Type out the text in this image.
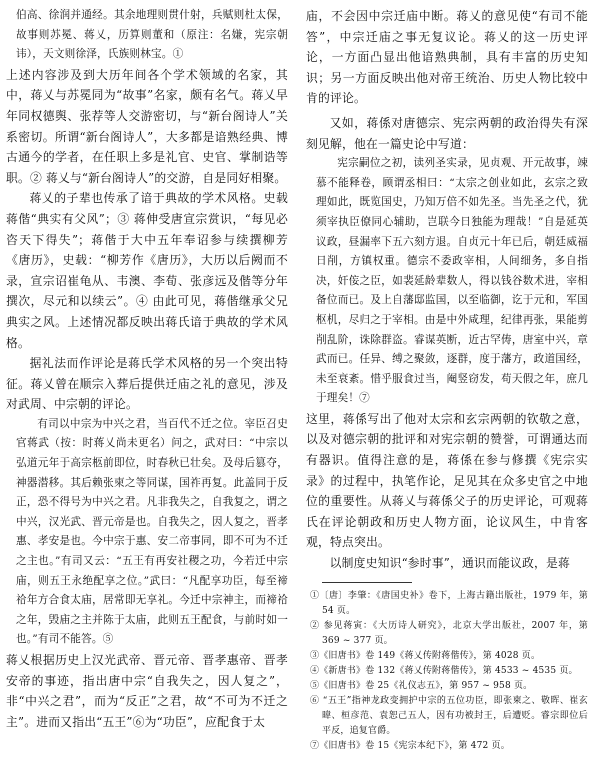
伯高、徐润并通经。其余地理则贯什射，兵赋则杜太保，故事则苏冕、蒋乂，历算则董和（原注：名嫌，宪宗朝讳），天文则徐泽，氏族则林宝。①

上述内容涉及到大历年间各个学术领域的名家，其中，蒋乂与苏冕同为“故事”名家，颇有名气。蒋乂早年同权德舆、张荐等人交游密切，与“新台阁诗人”关系密切。所谓“新台阁诗人”，大多都是谙熟经典、博古通今的学者，在任职上多是礼官、史官、掌制诰等职。② 蒋乂与“新台阁诗人”的交游，自是同好相聚。

蒋乂的子辈也传承了谙于典故的学术风格。史载蒋偕“典实有父风”；③ 蒋伸受唐宣宗赏识，“每见必咨天下得失”；蒋偕于大中五年奉诏参与续撰柳芳《唐历》，史载：“柳芳作《唐历》，大历以后阙而不录，宣宗诏崔龟从、韦澳、李荀、张彦远及偕等分年撰次，尽元和以续云”。④ 由此可见，蒋偕继承父兄典实之风。上述情况都反映出蒋氏谙于典故的学术风格。

据礼法而作评论是蒋氏学术风格的另一个突出特征。蒋乂曾在顺宗入葬后提供迁庙之礼的意见，涉及对武周、中宗朝的评论。

有司以中宗为中兴之君，当百代不迁之位。宰臣召史官蒋武（按：时蒋乂尚未更名）问之，武对曰：“中宗以弘道元年于高宗柩前即位，时春秋已壮矣。及母后篡夺，神器潜移。其后赖张柬之等同谋，国祚再复。此盖同于反正，恐不得号为中兴之君。凡非我失之，自我复之，谓之中兴，汉光武、晋元帝是也。自我失之，因人复之，晋孝惠、孝安是也。今中宗于惠、安二帝事同，即不可为不迁之主也。”有司又云：“五王有再安社稷之功，今若迁中宗庙，则五王永绝配享之位。”武曰：“凡配享功臣，每至禘祫年方合食太庙，居常即无享礼。今迁中宗神主，而禘祫之年，毁庙之主并陈于太庙，此则五王配食，与前时如一也。”有司不能答。⑤

蒋乂根据历史上汉光武帝、晋元帝、晋孝惠帝、晋孝安帝的事迹，指出唐中宗“自我失之，因人复之”，非“中兴之君”，而为“反正”之君，故“不可为不迁之主”。进而又指出“五王”⑥为“功臣”，应配食于太

庙，不会因中宗迁庙中断。蒋乂的意见使“有司不能答”，中宗迁庙之事无复议论。蒋乂的这一历史评论，一方面凸显出他谙熟典制，具有丰富的历史知识；另一方面反映出他对帝王统治、历史人物比较中肯的评论。

又如，蒋係对唐德宗、宪宗两朝的政治得失有深刻见解，他在一篇史论中写道：

宪宗嗣位之初，读列圣实录，见贞观、开元故事，竦慕不能释卷，顾谓丞相曰：“太宗之创业如此，玄宗之致理如此，既览国史，乃知万倍不如先圣。当先圣之代，犹须宰执臣僚同心辅助，岂联今日独能为理哉！”自是延英议政，昼漏率下五六刻方退。自贞元十年已后，朝廷威福日削，方镇权重。德宗不委政宰相，人间细务，多自指决，奸侫之臣，如裴延龄辈数人，得以钱谷数术进，宰相备位而已。及上自藩邸监国，以至临御，讫于元和，军国枢机，尽归之于宰相。由是中外咸理，纪律再张，果能剪削乱阶，诛除群盗。睿谋英断，近古罕俦，唐室中兴，章武而已。任异、缚之聚敛，逐群，度于藩方，政道国经，未至衰紊。惜乎服食过当，阉竖窃发，苟天假之年，庶几于理矣！⑦

这里，蒋係写出了他对太宗和玄宗两朝的钦敬之意，以及对德宗朝的批评和对宪宗朝的赞誉，可谓通达而有器识。值得注意的是，蒋係在参与修撰《宪宗实录》的过程中，执笔作论，足见其在众多史官之中地位的重要性。从蒋乂与蒋係父子的历史评论，可观蒋氏在评论朝政和历史人物方面，论议风生，中肯客观，特点突出。

以制度史知识“参时事”，通识而能议政，是蒋

①〔唐〕李肇：《唐国史补》卷下，上海古籍出版社，1979 年，第 54 页。

② 参见蒋寅：《大历诗人研究》，北京大学出版社，2007 年，第 369 ~ 377 页。

③《旧唐书》卷 149《蒋乂传附蒋偕传》，第 4028 页。

④《新唐书》卷 132《蒋乂传附蒋偕传》，第 4533 ~ 4535 页。

⑤《旧唐书》卷 25《礼仪志五》，第 957 ~ 958 页。

⑥ “五王”指神龙政变拥护中宗的五位功臣，即张柬之、敬晖、崔玄暐、桓彦范、袁恕己五人，因有功被封王，后遭贬。睿宗即位后平反，追复官爵。

⑦《旧唐书》卷 15《宪宗本纪下》，第 472 页。
